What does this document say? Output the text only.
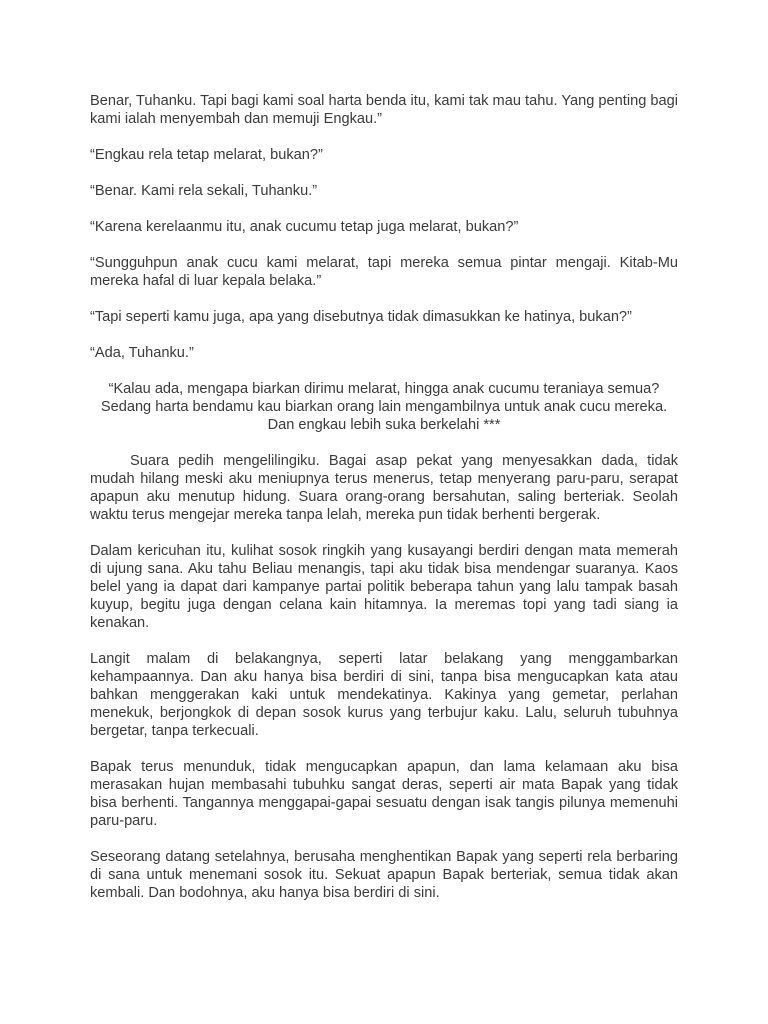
Benar, Tuhanku. Tapi bagi kami soal harta benda itu, kami tak mau tahu. Yang penting bagi kami ialah menyembah dan memuji Engkau.”

“Engkau rela tetap melarat, bukan?”

“Benar. Kami rela sekali, Tuhanku.”

“Karena kerelaanmu itu, anak cucumu tetap juga melarat, bukan?”

“Sungguhpun anak cucu kami melarat, tapi mereka semua pintar mengaji. Kitab-Mu mereka hafal di luar kepala belaka.”

“Tapi seperti kamu juga, apa yang disebutnya tidak dimasukkan ke hatinya, bukan?”

“Ada, Tuhanku.”

“Kalau ada, mengapa biarkan dirimu melarat, hingga anak cucumu teraniaya semua? Sedang harta bendamu kau biarkan orang lain mengambilnya untuk anak cucu mereka. Dan engkau lebih suka berkelahi ***

Suara pedih mengelilingiku. Bagai asap pekat yang menyesakkan dada, tidak mudah hilang meski aku meniupnya terus menerus, tetap menyerang paru-paru, serapat apapun aku menutup hidung. Suara orang-orang bersahutan, saling berteriak. Seolah waktu terus mengejar mereka tanpa lelah, mereka pun tidak berhenti bergerak.

Dalam kericuhan itu, kulihat sosok ringkih yang kusayangi berdiri dengan mata memerah di ujung sana. Aku tahu Beliau menangis, tapi aku tidak bisa mendengar suaranya. Kaos belel yang ia dapat dari kampanye partai politik beberapa tahun yang lalu tampak basah kuyup, begitu juga dengan celana kain hitamnya. Ia meremas topi yang tadi siang ia kenakan.

Langit malam di belakangnya, seperti latar belakang yang menggambarkan kehampaannya. Dan aku hanya bisa berdiri di sini, tanpa bisa mengucapkan kata atau bahkan menggerakan kaki untuk mendekatinya. Kakinya yang gemetar, perlahan menekuk, berjongkok di depan sosok kurus yang terbujur kaku. Lalu, seluruh tubuhnya bergetar, tanpa terkecuali.

Bapak terus menunduk, tidak mengucapkan apapun, dan lama kelamaan aku bisa merasakan hujan membasahi tubuhku sangat deras, seperti air mata Bapak yang tidak bisa berhenti. Tangannya menggapai-gapai sesuatu dengan isak tangis pilunya memenuhi paru-paru.

Seseorang datang setelahnya, berusaha menghentikan Bapak yang seperti rela berbaring di sana untuk menemani sosok itu. Sekuat apapun Bapak berteriak, semua tidak akan kembali. Dan bodohnya, aku hanya bisa berdiri di sini.
